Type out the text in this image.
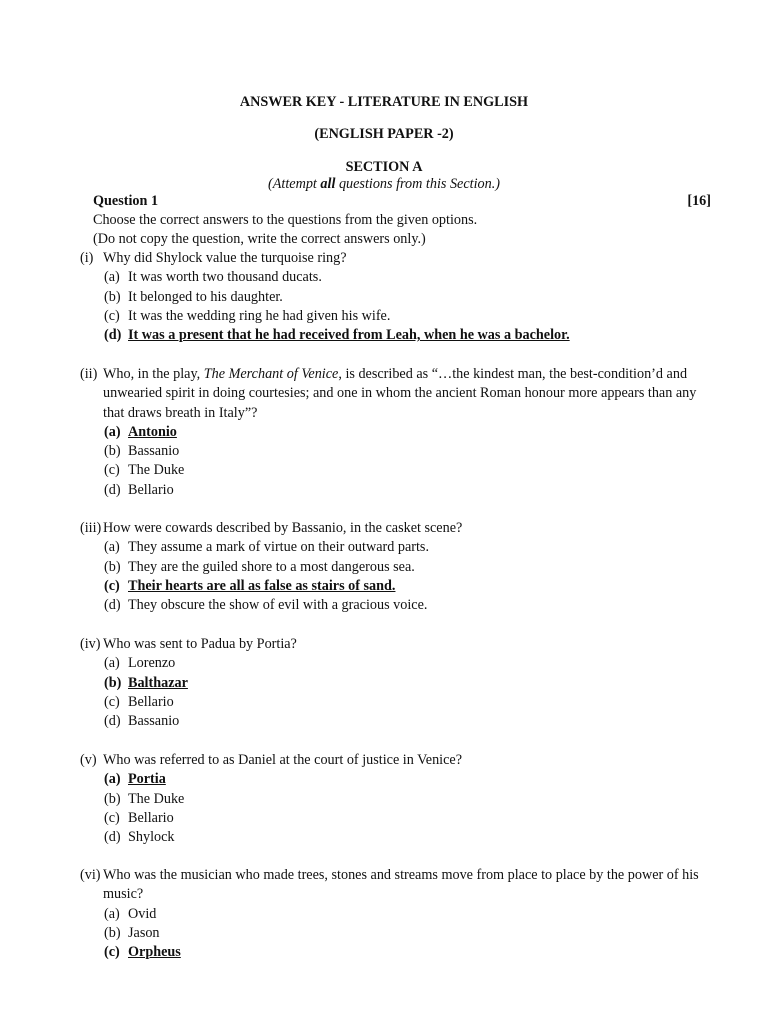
ANSWER KEY - LITERATURE IN ENGLISH
(ENGLISH PAPER -2)
SECTION A
(Attempt all questions from this Section.)
Question 1	[16]
Choose the correct answers to the questions from the given options.
(Do not copy the question, write the correct answers only.)
(i) Why did Shylock value the turquoise ring?
(a) It was worth two thousand ducats.
(b) It belonged to his daughter.
(c) It was the wedding ring he had given his wife.
(d) It was a present that he had received from Leah, when he was a bachelor.
(ii) Who, in the play, The Merchant of Venice, is described as “…the kindest man, the best-condition’d and unwearied spirit in doing courtesies; and one in whom the ancient Roman honour more appears than any that draws breath in Italy”?
(a) Antonio
(b) Bassanio
(c) The Duke
(d) Bellario
(iii) How were cowards described by Bassanio, in the casket scene?
(a) They assume a mark of virtue on their outward parts.
(b) They are the guiled shore to a most dangerous sea.
(c) Their hearts are all as false as stairs of sand.
(d) They obscure the show of evil with a gracious voice.
(iv) Who was sent to Padua by Portia?
(a) Lorenzo
(b) Balthazar
(c) Bellario
(d) Bassanio
(v) Who was referred to as Daniel at the court of justice in Venice?
(a) Portia
(b) The Duke
(c) Bellario
(d) Shylock
(vi) Who was the musician who made trees, stones and streams move from place to place by the power of his music?
(a) Ovid
(b) Jason
(c) Orpheus
